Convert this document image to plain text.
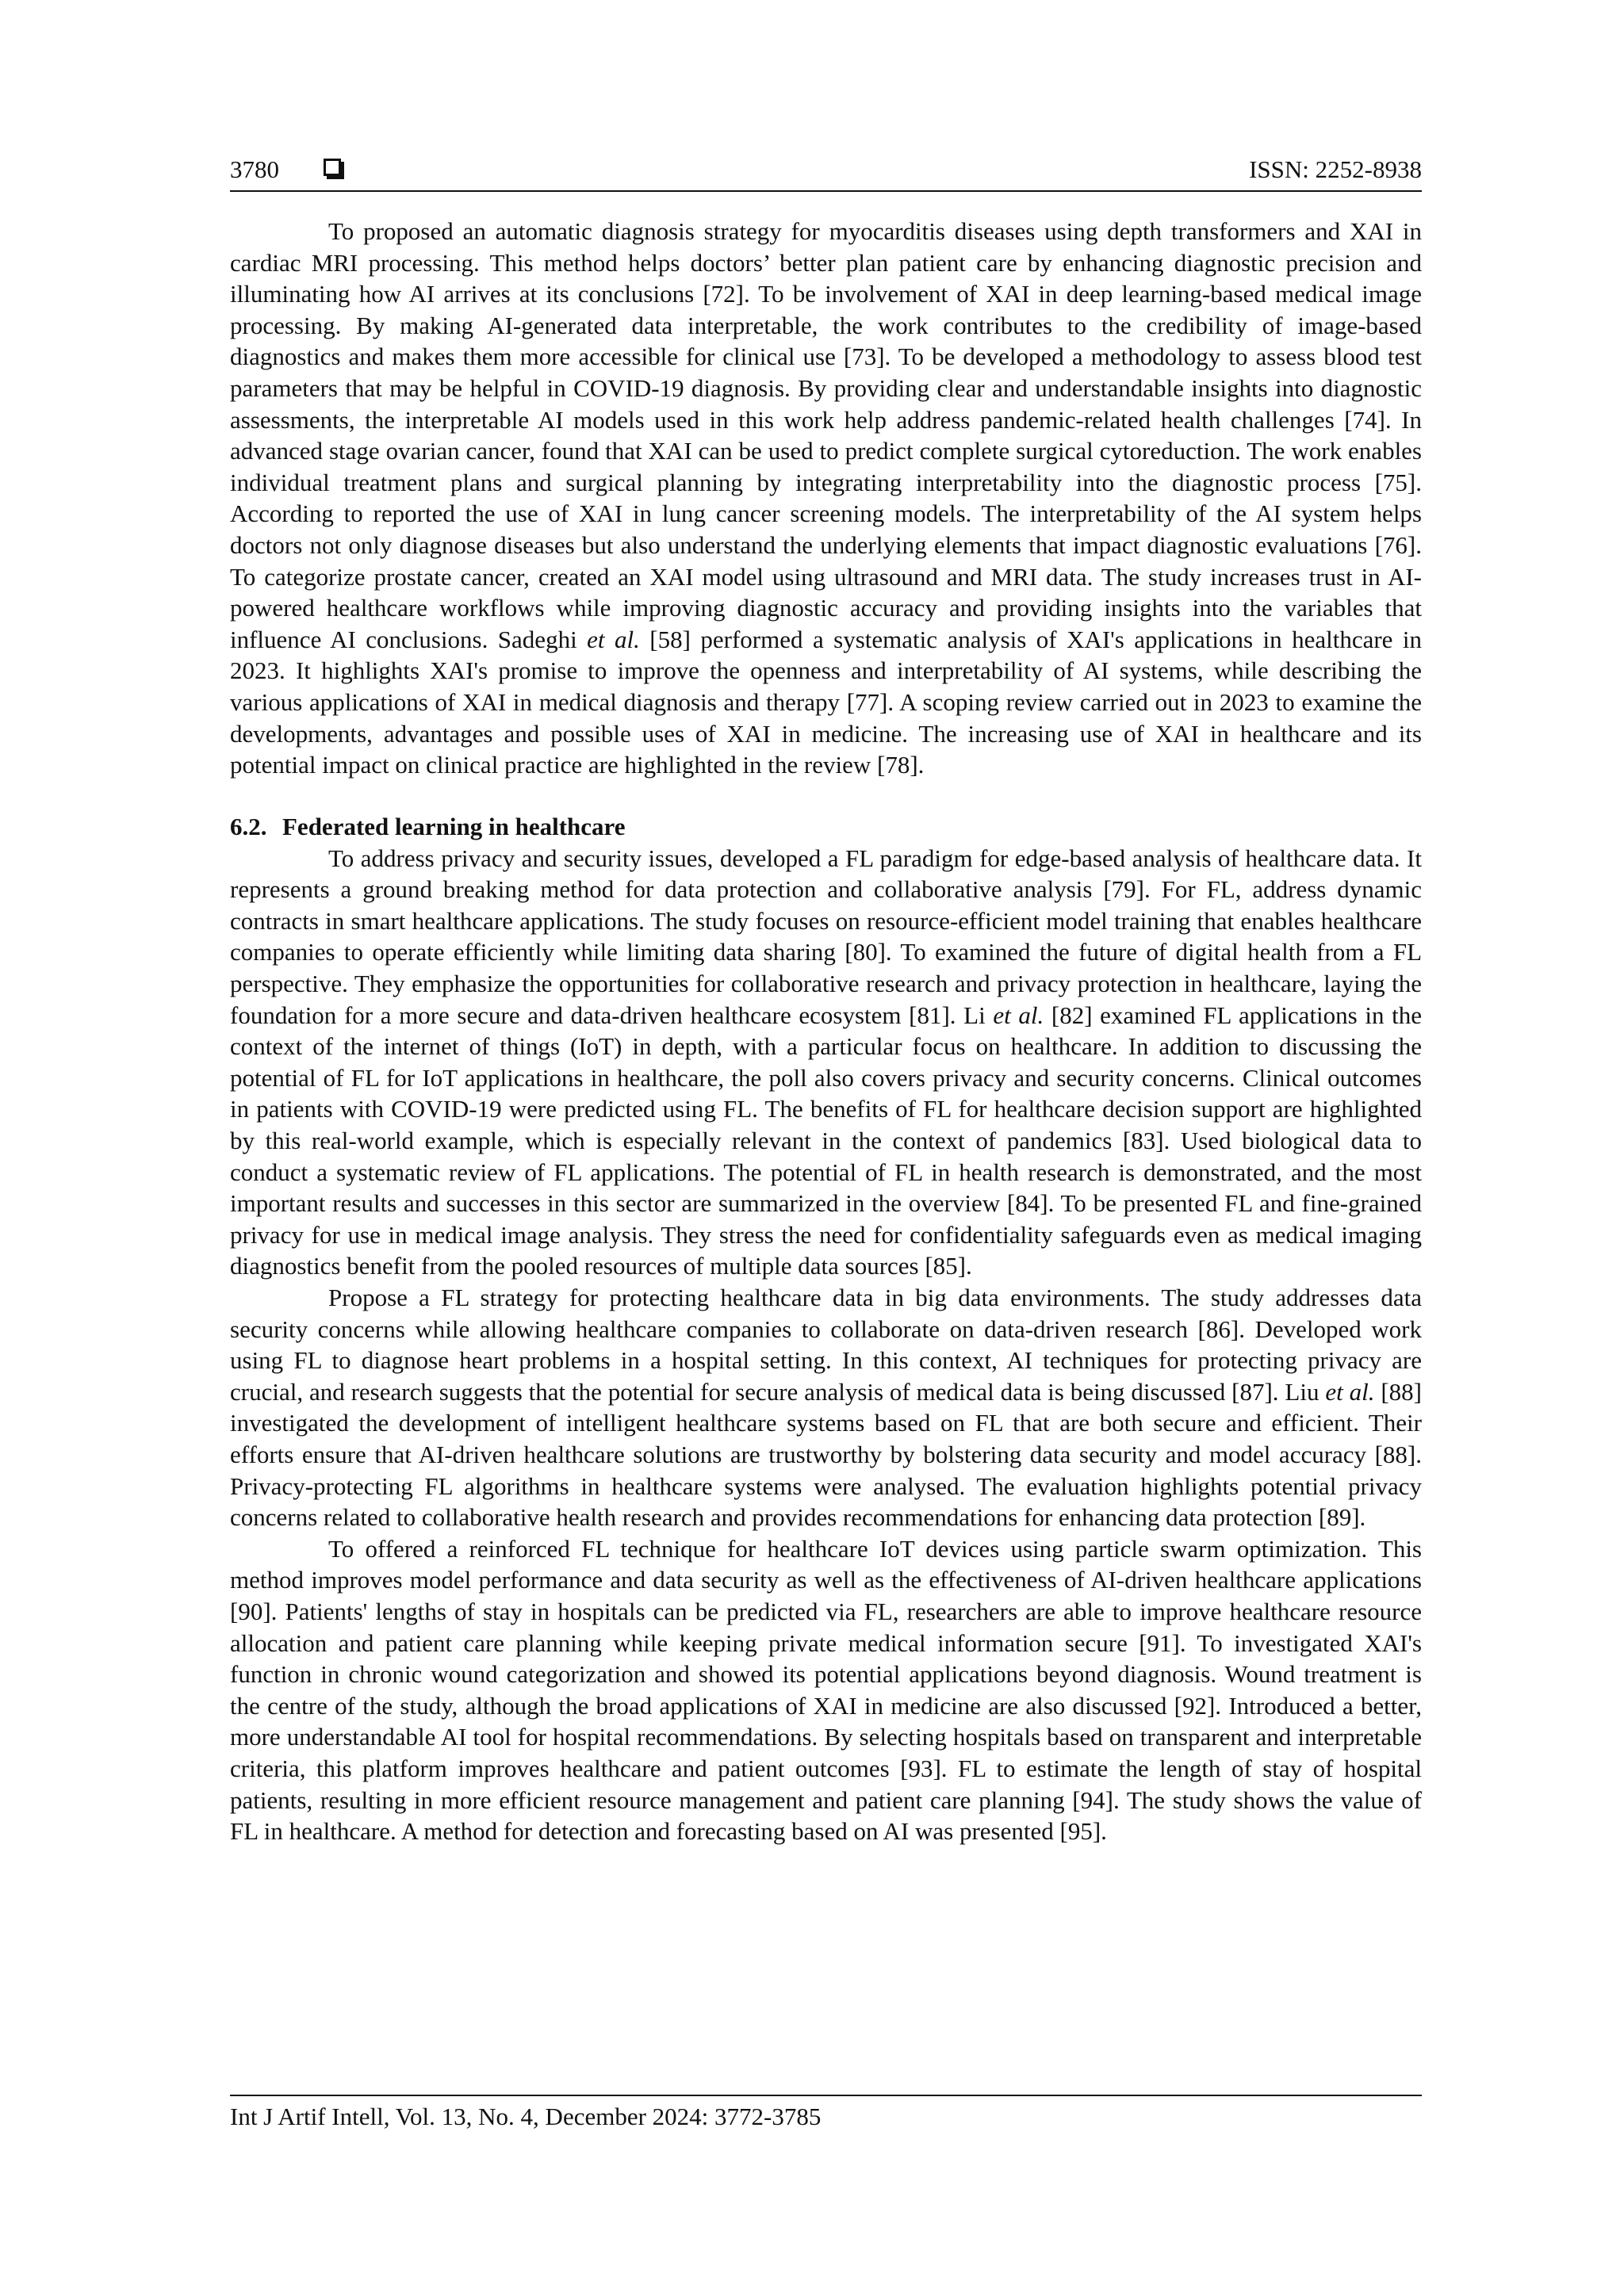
3780	ISSN: 2252-8938

To proposed an automatic diagnosis strategy for myocarditis diseases using depth transformers and XAI in cardiac MRI processing. This method helps doctors’ better plan patient care by enhancing diagnostic precision and illuminating how AI arrives at its conclusions [72]. To be involvement of XAI in deep learning-based medical image processing. By making AI-generated data interpretable, the work contributes to the credibility of image-based diagnostics and makes them more accessible for clinical use [73]. To be developed a methodology to assess blood test parameters that may be helpful in COVID-19 diagnosis. By providing clear and understandable insights into diagnostic assessments, the interpretable AI models used in this work help address pandemic-related health challenges [74]. In advanced stage ovarian cancer, found that XAI can be used to predict complete surgical cytoreduction. The work enables individual treatment plans and surgical planning by integrating interpretability into the diagnostic process [75]. According to reported the use of XAI in lung cancer screening models. The interpretability of the AI system helps doctors not only diagnose diseases but also understand the underlying elements that impact diagnostic evaluations [76]. To categorize prostate cancer, created an XAI model using ultrasound and MRI data. The study increases trust in AI-powered healthcare workflows while improving diagnostic accuracy and providing insights into the variables that influence AI conclusions. Sadeghi et al. [58] performed a systematic analysis of XAI's applications in healthcare in 2023. It highlights XAI's promise to improve the openness and interpretability of AI systems, while describing the various applications of XAI in medical diagnosis and therapy [77]. A scoping review carried out in 2023 to examine the developments, advantages and possible uses of XAI in medicine. The increasing use of XAI in healthcare and its potential impact on clinical practice are highlighted in the review [78].

6.2. Federated learning in healthcare

To address privacy and security issues, developed a FL paradigm for edge-based analysis of healthcare data. It represents a ground breaking method for data protection and collaborative analysis [79]. For FL, address dynamic contracts in smart healthcare applications. The study focuses on resource-efficient model training that enables healthcare companies to operate efficiently while limiting data sharing [80]. To examined the future of digital health from a FL perspective. They emphasize the opportunities for collaborative research and privacy protection in healthcare, laying the foundation for a more secure and data-driven healthcare ecosystem [81]. Li et al. [82] examined FL applications in the context of the internet of things (IoT) in depth, with a particular focus on healthcare. In addition to discussing the potential of FL for IoT applications in healthcare, the poll also covers privacy and security concerns. Clinical outcomes in patients with COVID-19 were predicted using FL. The benefits of FL for healthcare decision support are highlighted by this real-world example, which is especially relevant in the context of pandemics [83]. Used biological data to conduct a systematic review of FL applications. The potential of FL in health research is demonstrated, and the most important results and successes in this sector are summarized in the overview [84]. To be presented FL and fine-grained privacy for use in medical image analysis. They stress the need for confidentiality safeguards even as medical imaging diagnostics benefit from the pooled resources of multiple data sources [85].

Propose a FL strategy for protecting healthcare data in big data environments. The study addresses data security concerns while allowing healthcare companies to collaborate on data-driven research [86]. Developed work using FL to diagnose heart problems in a hospital setting. In this context, AI techniques for protecting privacy are crucial, and research suggests that the potential for secure analysis of medical data is being discussed [87]. Liu et al. [88] investigated the development of intelligent healthcare systems based on FL that are both secure and efficient. Their efforts ensure that AI-driven healthcare solutions are trustworthy by bolstering data security and model accuracy [88]. Privacy-protecting FL algorithms in healthcare systems were analysed. The evaluation highlights potential privacy concerns related to collaborative health research and provides recommendations for enhancing data protection [89].

To offered a reinforced FL technique for healthcare IoT devices using particle swarm optimization. This method improves model performance and data security as well as the effectiveness of AI-driven healthcare applications [90]. Patients' lengths of stay in hospitals can be predicted via FL, researchers are able to improve healthcare resource allocation and patient care planning while keeping private medical information secure [91]. To investigated XAI's function in chronic wound categorization and showed its potential applications beyond diagnosis. Wound treatment is the centre of the study, although the broad applications of XAI in medicine are also discussed [92]. Introduced a better, more understandable AI tool for hospital recommendations. By selecting hospitals based on transparent and interpretable criteria, this platform improves healthcare and patient outcomes [93]. FL to estimate the length of stay of hospital patients, resulting in more efficient resource management and patient care planning [94]. The study shows the value of FL in healthcare. A method for detection and forecasting based on AI was presented [95].

Int J Artif Intell, Vol. 13, No. 4, December 2024: 3772-3785
